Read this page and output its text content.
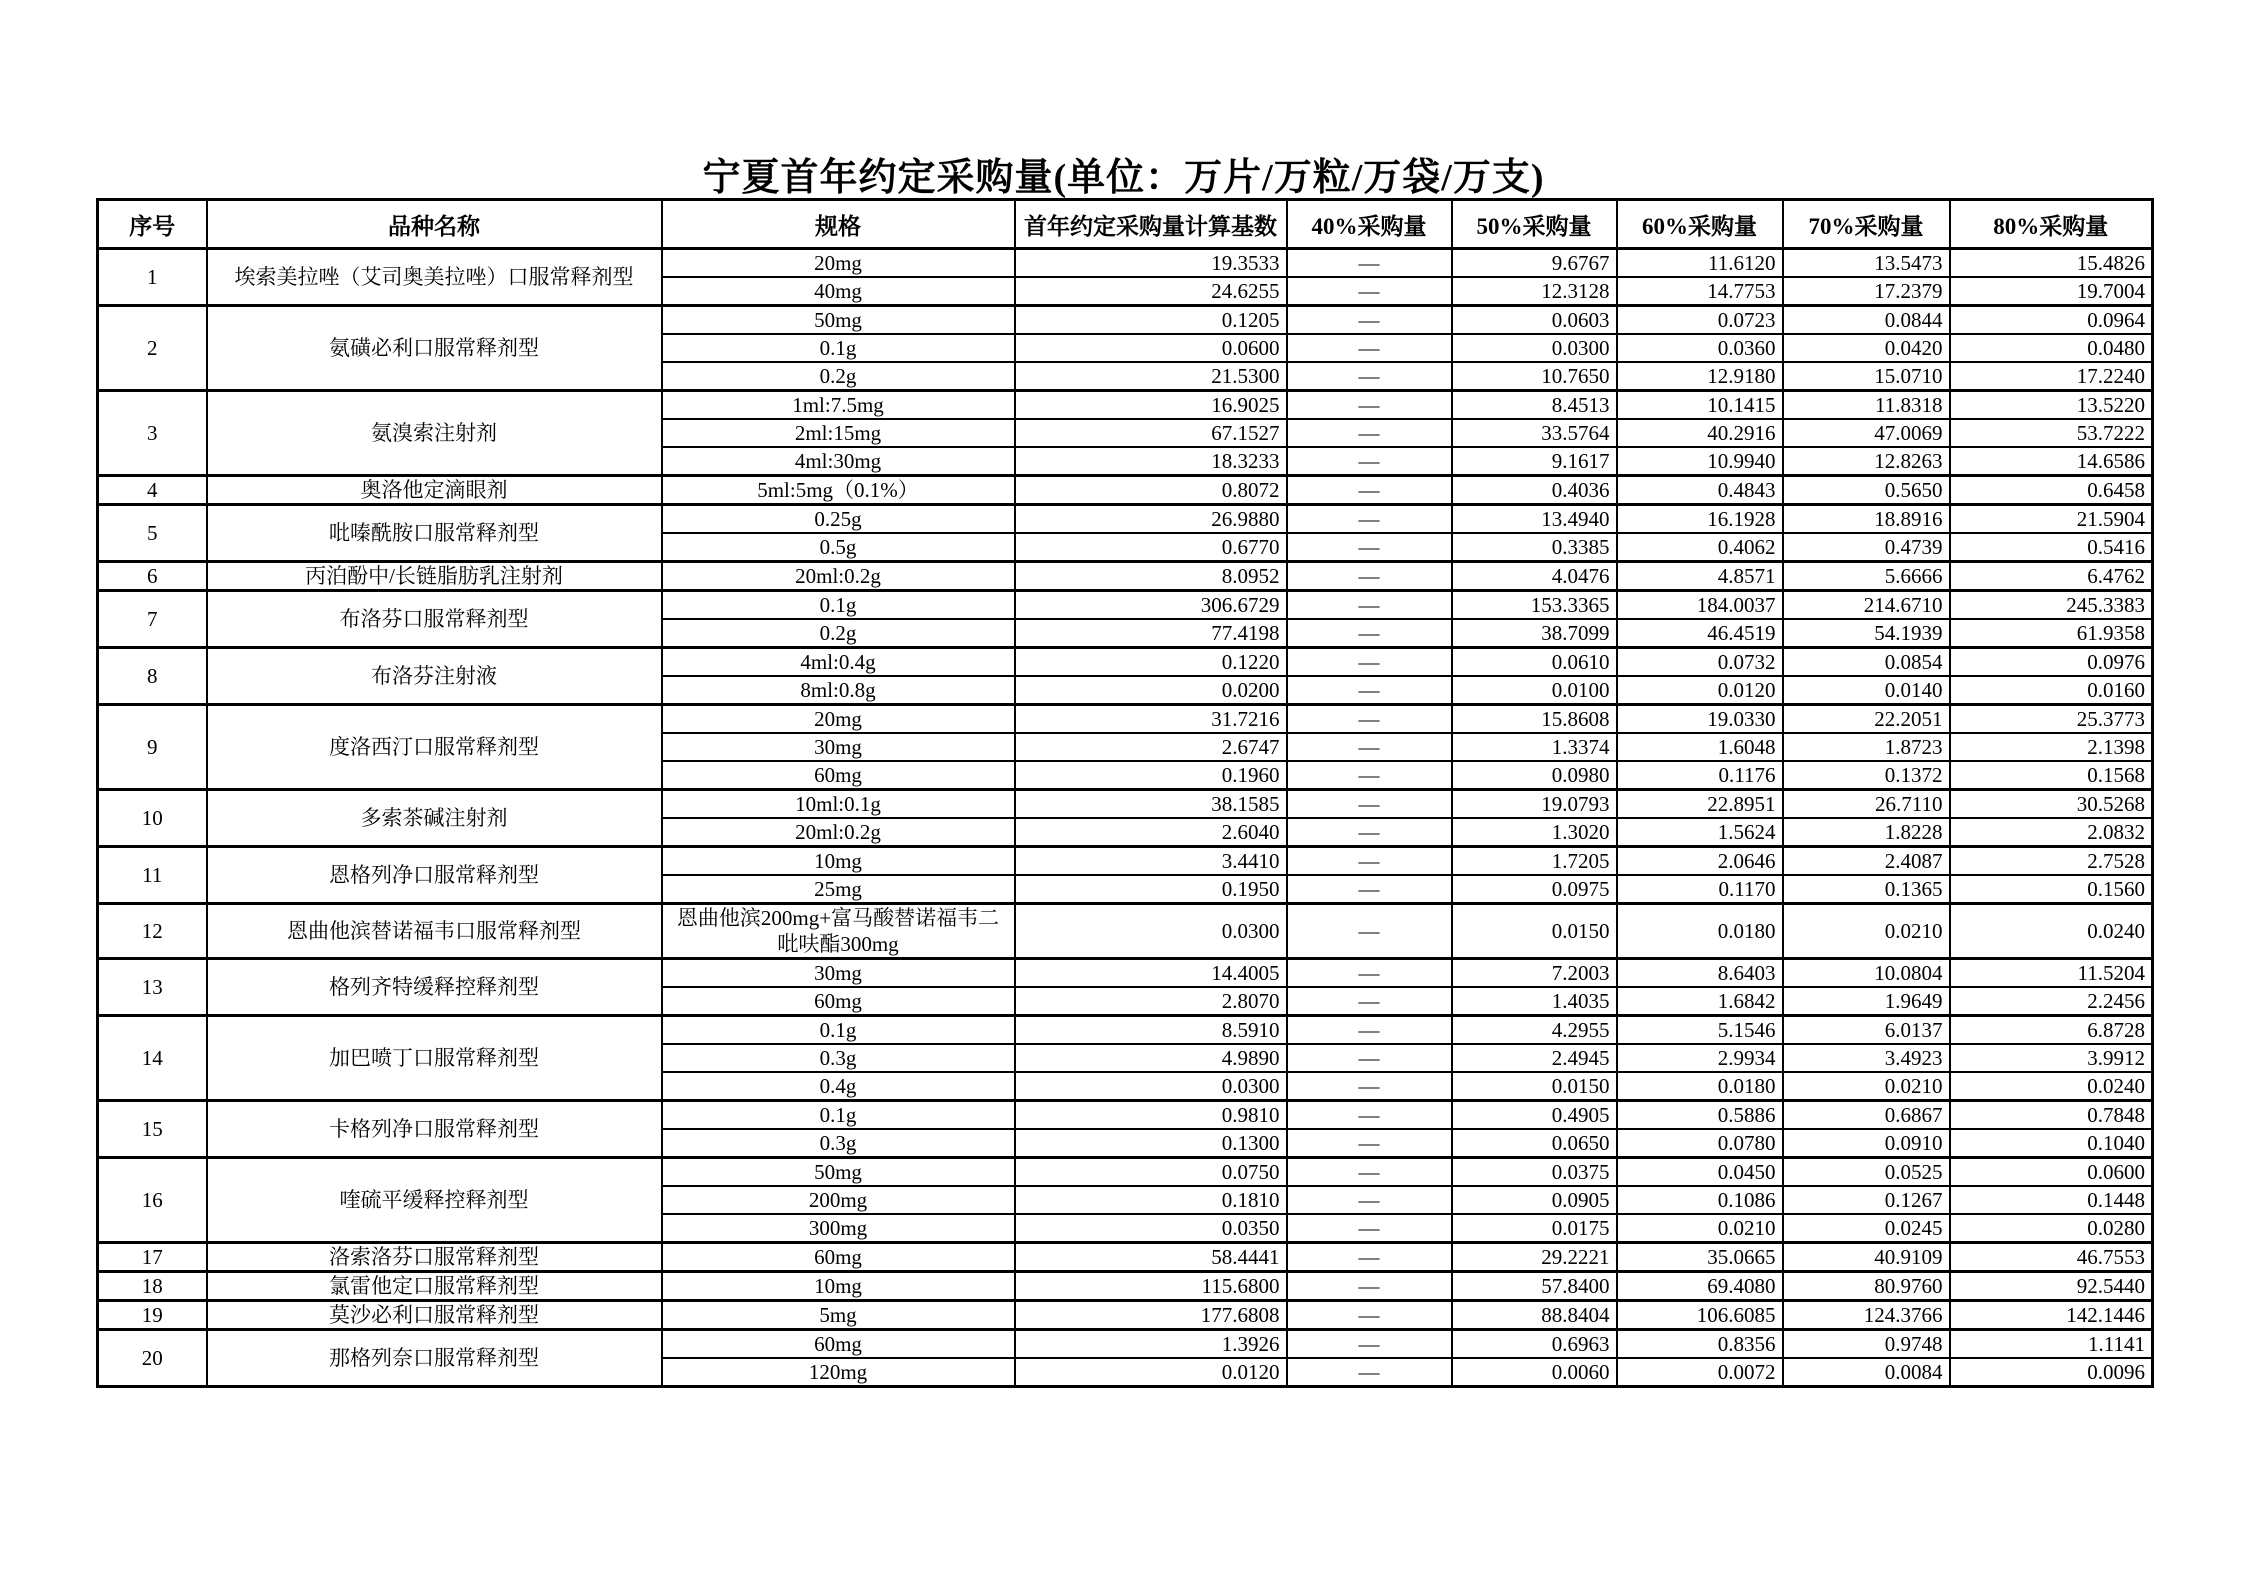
宁夏首年约定采购量(单位：万片/万粒/万袋/万支)
序号	品种名称	规格	首年约定采购量计算基数	40%采购量	50%采购量	60%采购量	70%采购量	80%采购量
1	埃索美拉唑（艾司奥美拉唑）口服常释剂型	20mg	19.3533	—	9.6767	11.6120	13.5473	15.4826
		40mg	24.6255	—	12.3128	14.7753	17.2379	19.7004
2	氨磺必利口服常释剂型	50mg	0.1205	—	0.0603	0.0723	0.0844	0.0964
		0.1g	0.0600	—	0.0300	0.0360	0.0420	0.0480
		0.2g	21.5300	—	10.7650	12.9180	15.0710	17.2240
3	氨溴索注射剂	1ml:7.5mg	16.9025	—	8.4513	10.1415	11.8318	13.5220
		2ml:15mg	67.1527	—	33.5764	40.2916	47.0069	53.7222
		4ml:30mg	18.3233	—	9.1617	10.9940	12.8263	14.6586
4	奥洛他定滴眼剂	5ml:5mg（0.1%）	0.8072	—	0.4036	0.4843	0.5650	0.6458
5	吡嗪酰胺口服常释剂型	0.25g	26.9880	—	13.4940	16.1928	18.8916	21.5904
		0.5g	0.6770	—	0.3385	0.4062	0.4739	0.5416
6	丙泊酚中/长链脂肪乳注射剂	20ml:0.2g	8.0952	—	4.0476	4.8571	5.6666	6.4762
7	布洛芬口服常释剂型	0.1g	306.6729	—	153.3365	184.0037	214.6710	245.3383
		0.2g	77.4198	—	38.7099	46.4519	54.1939	61.9358
8	布洛芬注射液	4ml:0.4g	0.1220	—	0.0610	0.0732	0.0854	0.0976
		8ml:0.8g	0.0200	—	0.0100	0.0120	0.0140	0.0160
9	度洛西汀口服常释剂型	20mg	31.7216	—	15.8608	19.0330	22.2051	25.3773
		30mg	2.6747	—	1.3374	1.6048	1.8723	2.1398
		60mg	0.1960	—	0.0980	0.1176	0.1372	0.1568
10	多索茶碱注射剂	10ml:0.1g	38.1585	—	19.0793	22.8951	26.7110	30.5268
		20ml:0.2g	2.6040	—	1.3020	1.5624	1.8228	2.0832
11	恩格列净口服常释剂型	10mg	3.4410	—	1.7205	2.0646	2.4087	2.7528
		25mg	0.1950	—	0.0975	0.1170	0.1365	0.1560
12	恩曲他滨替诺福韦口服常释剂型	恩曲他滨200mg+富马酸替诺福韦二吡呋酯300mg	0.0300	—	0.0150	0.0180	0.0210	0.0240
13	格列齐特缓释控释剂型	30mg	14.4005	—	7.2003	8.6403	10.0804	11.5204
		60mg	2.8070	—	1.4035	1.6842	1.9649	2.2456
14	加巴喷丁口服常释剂型	0.1g	8.5910	—	4.2955	5.1546	6.0137	6.8728
		0.3g	4.9890	—	2.4945	2.9934	3.4923	3.9912
		0.4g	0.0300	—	0.0150	0.0180	0.0210	0.0240
15	卡格列净口服常释剂型	0.1g	0.9810	—	0.4905	0.5886	0.6867	0.7848
		0.3g	0.1300	—	0.0650	0.0780	0.0910	0.1040
16	喹硫平缓释控释剂型	50mg	0.0750	—	0.0375	0.0450	0.0525	0.0600
		200mg	0.1810	—	0.0905	0.1086	0.1267	0.1448
		300mg	0.0350	—	0.0175	0.0210	0.0245	0.0280
17	洛索洛芬口服常释剂型	60mg	58.4441	—	29.2221	35.0665	40.9109	46.7553
18	氯雷他定口服常释剂型	10mg	115.6800	—	57.8400	69.4080	80.9760	92.5440
19	莫沙必利口服常释剂型	5mg	177.6808	—	88.8404	106.6085	124.3766	142.1446
20	那格列奈口服常释剂型	60mg	1.3926	—	0.6963	0.8356	0.9748	1.1141
		120mg	0.0120	—	0.0060	0.0072	0.0084	0.0096
